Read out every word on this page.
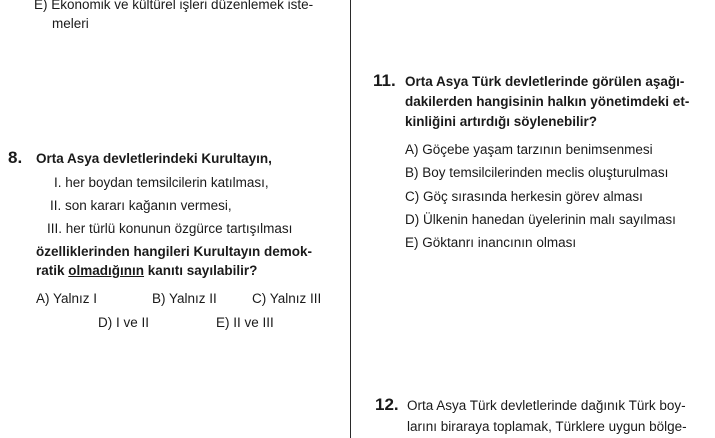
E) Ekonomik ve kültürel işleri düzenlemek iste-
meleri
8. Orta Asya devletlerindeki Kurultayın,
I. her boydan temsilcilerin katılması,
II. son kararı kağanın vermesi,
III. her türlü konunun özgürce tartışılması
özelliklerinden hangileri Kurultayın demok-
ratik olmadığının kanıtı sayılabilir?
A) Yalnız I	B) Yalnız II	C) Yalnız III
D) I ve II	E) II ve III
11. Orta Asya Türk devletlerinde görülen aşağı-
dakilerden hangisinin halkın yönetimdeki et-
kinliğini artırdığı söylenebilir?
A) Göçebe yaşam tarzının benimsenmesi
B) Boy temsilcilerinden meclis oluşturulması
C) Göç sırasında herkesin görev alması
D) Ülkenin hanedan üyelerinin malı sayılması
E) Göktanrı inancının olması
12. Orta Asya Türk devletlerinde dağınık Türk boy-
larını biraraya toplamak, Türklere uygun bölge-
